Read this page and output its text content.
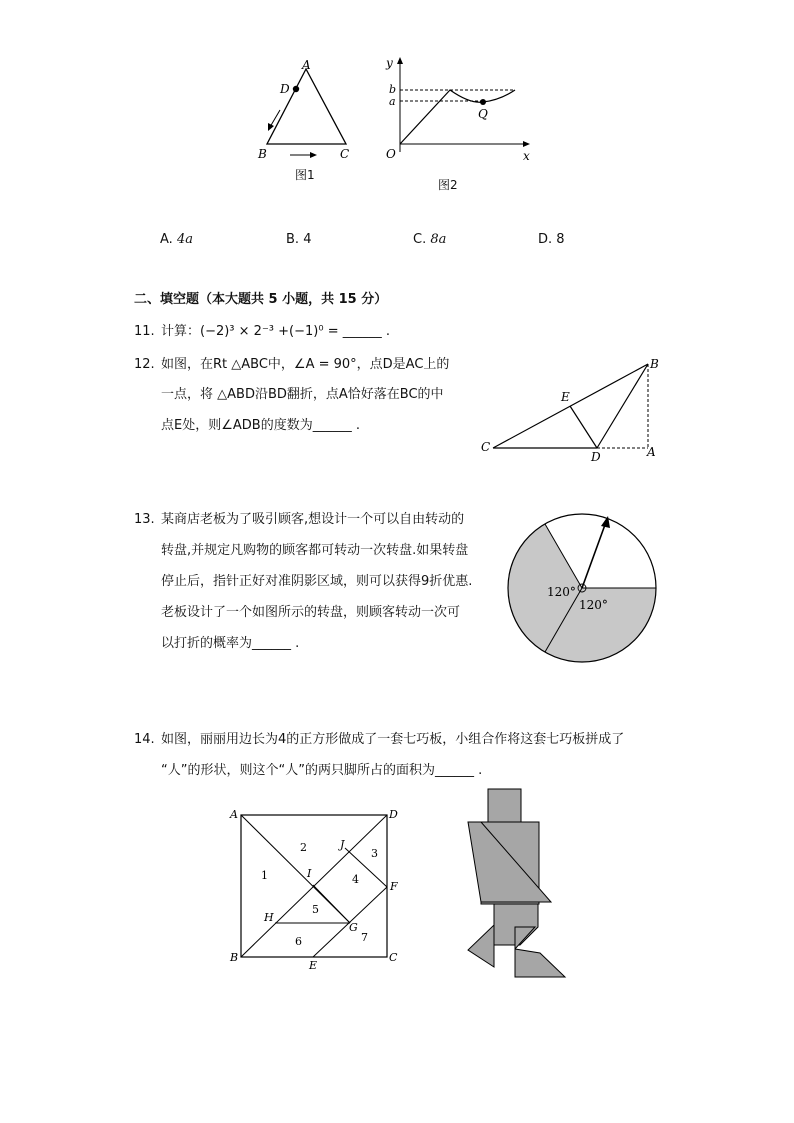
A
D
B	C
图1
y
x
O
b
a
Q
图2
A. 4a	B. 4	C. 8a	D. 8
二、填空题（本大题共 5 小题，共 15 分）
11. 计算：(−2)³ × 2⁻³ +(−1)⁰ = ______ .
12. 如图，在Rt △ABC中，∠A = 90°，点D是AC上的
一点，将 △ABD沿BD翻折，点A恰好落在BC的中
点E处，则∠ADB的度数为______ .
B
E
C
D	A
13. 某商店老板为了吸引顾客,想设计一个可以自由转动的
转盘,并规定凡购物的顾客都可转动一次转盘.如果转盘
停止后，指针正好对准阴影区域，则可以获得9折优惠.
老板设计了一个如图所示的转盘，则顾客转动一次可
以打折的概率为______ .
120°
120°
14. 如图，丽丽用边长为4的正方形做成了一套七巧板，小组合作将这套七巧板拼成了
“人”的形状，则这个“人”的两只脚所占的面积为______ .
A	D
B	C
E
F
G
H
I
J
1
2	3
4
5
6	7
